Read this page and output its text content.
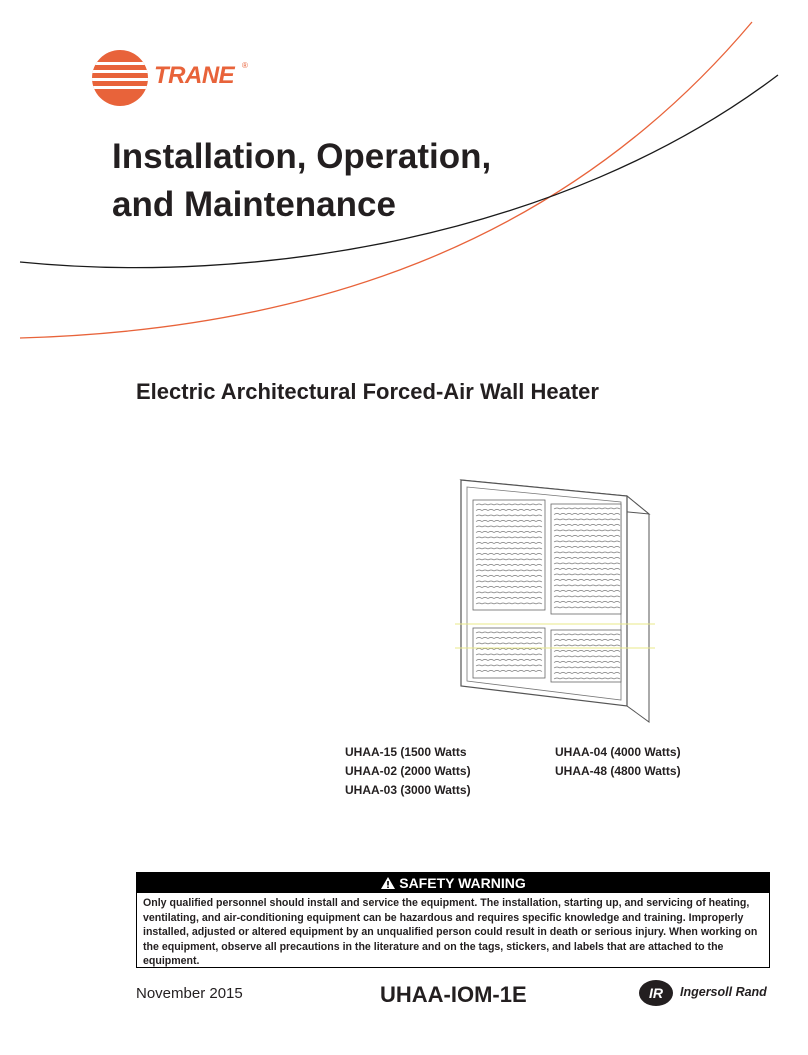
TRANE ®
Installation, Operation,
and Maintenance
Electric Architectural Forced-Air Wall Heater
UHAA-15 (1500 Watts
UHAA-02 (2000 Watts)
UHAA-03 (3000 Watts)
UHAA-04 (4000 Watts)
UHAA-48 (4800 Watts)
SAFETY WARNING
Only qualified personnel should install and service the equipment. The installation, starting up, and servicing of heating, ventilating, and air-conditioning equipment can be hazardous and requires specific knowledge and training. Improperly installed, adjusted or altered equipment by an unqualified person could result in death or serious injury. When working on the equipment, observe all precautions in the literature and on the tags, stickers, and labels that are attached to the equipment.
November 2015	UHAA-IOM-1E	IR Ingersoll Rand
